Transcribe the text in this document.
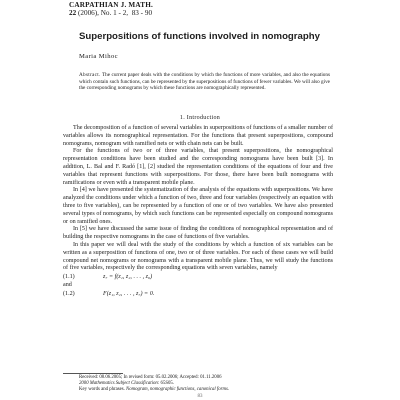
CARPATHIAN J. MATH.
22 (2006), No. 1 - 2, 83 - 90
Superpositions of functions involved in nomography
Maria Mihoc
Abstract. The current paper deals with the conditions by which the functions of more variables, and also the equations which contain such functions, can be represented by the superpositions of functions of fewer variables. We will also give the corresponding nomograms by which these functions are nomographically represented.
1. Introduction

The decomposition of a function of several variables in superpositions of functions of a smaller number of variables allows its nomographical representation. For the functions that present superpositions, compound nomograms, nomogram with ramified nets or with chain nets can be built.

For the functions of two or of three variables, that present superpositions, the nomographical representation conditions have been studied and the corresponding nomograms have been built [3]. In addition, L. Bal and F. Radó [1], [2] studied the representation conditions of the equations of four and five variables that represent functions with superpositions. For those, there have been built nomograms with ramifications or even with a transparent mobile plane.

In [4] we have presented the systematization of the analysis of the equations with superpositions. We have analyzed the conditions under which a function of two, three and four variables (respectively an equation with three to five variables), can be represented by a function of one or of two variables. We have also presented several types of nomograms, by which such functions can be represented especially on compound nomograms or on ramified ones.

In [5] we have discussed the same issue of finding the conditions of nomographical representation and of building the respective nomograms in the case of functions of five variables.

In this paper we will deal with the study of the conditions by which a function of six variables can be written as a superposition of functions of one, two or of three variables. For each of these cases we will build compound net nomograms or nomograms with a transparent mobile plane. Thus, we will study the functions of five variables, respectively the corresponding equations with seven variables, namely

(1.1)	z₇ = f(z₁, z₂, . . . , z₆)
and
(1.2)	F(z₁, z₂, . . . , z₇) = 0.
Received: 08.06.2005; In revised form: 05.02.2006; Accepted: 01.11.2006
2000 Mathematics Subject Classification: 65S05.
Key words and phrases. Nomogram, nomographic functions, canonical forms.
83
